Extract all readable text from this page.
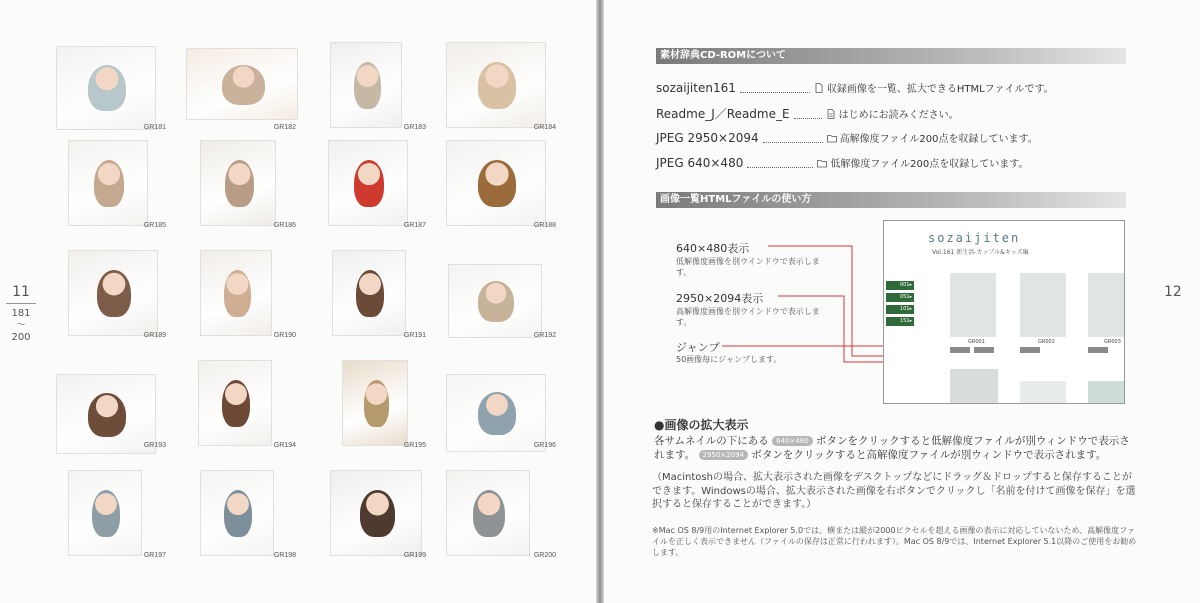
11
181
〜
200
GR181	GR182	GR183	GR184
GR185	GR186	GR187	GR188
GR189	GR190	GR191	GR192
GR193	GR194	GR195	GR196
GR197	GR198	GR199	GR200
12
素材辞典CD-ROMについて
sozaijiten161	収録画像を一覧、拡大できるHTMLファイルです。
Readme_J／Readme_E	はじめにお読みください。
JPEG 2950×2094	高解像度ファイル200点を収録しています。
JPEG 640×480	低解像度ファイル200点を収録しています。
画像一覧HTMLファイルの使い方
640×480表示
低解像度画像を別ウインドウで表示します。
2950×2094表示
高解像度画像を別ウインドウで表示します。
ジャンプ
50画像毎にジャンプします。
sozaijiten
Vol.161 新生活-カップル&キッズ編
001▸
051▸
101▸
151▸
GR001	GR002	GR003
●画像の拡大表示
各サムネイルの下にある 640×480 ボタンをクリックすると低解像度ファイルが別ウィンドウで表示されます。 2950×2094 ボタンをクリックすると高解像度ファイルが別ウィンドウで表示されます。
（Macintoshの場合、拡大表示された画像をデスクトップなどにドラッグ＆ドロップすると保存することができます。Windowsの場合、拡大表示された画像を右ボタンでクリックし「名前を付けて画像を保存」を選択すると保存することができます。）
※Mac OS 8/9用のInternet Explorer 5.0では、横または縦が2000ピクセルを超える画像の表示に対応していないため、高解像度ファイルを正しく表示できません（ファイルの保存は正常に行われます）。Mac OS 8/9では、Internet Explorer 5.1以降のご使用をお勧めします。
